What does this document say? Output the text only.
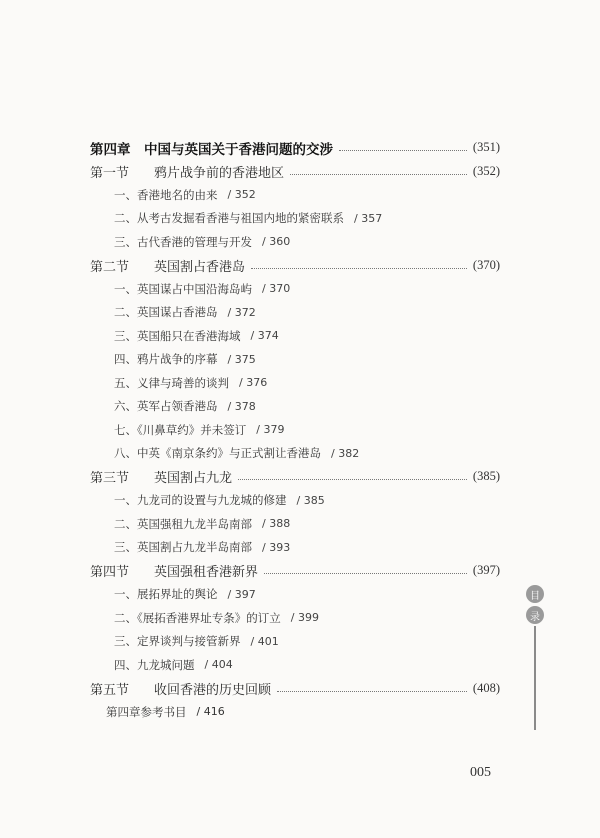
第四章　中国与英国关于香港问题的交涉	(351)
第一节	鸦片战争前的香港地区	(352)
一、香港地名的由来 / 352
二、从考古发掘看香港与祖国内地的紧密联系 / 357
三、古代香港的管理与开发 / 360
第二节	英国割占香港岛	(370)
一、英国谋占中国沿海岛屿 / 370
二、英国谋占香港岛 / 372
三、英国船只在香港海域 / 374
四、鸦片战争的序幕 / 375
五、义律与琦善的谈判 / 376
六、英军占领香港岛 / 378
七、《川鼻草约》并未签订 / 379
八、中英《南京条约》与正式割让香港岛 / 382
第三节	英国割占九龙	(385)
一、九龙司的设置与九龙城的修建 / 385
二、英国强租九龙半岛南部 / 388
三、英国割占九龙半岛南部 / 393
第四节	英国强租香港新界	(397)
一、展拓界址的舆论 / 397
二、《展拓香港界址专条》的订立 / 399
三、定界谈判与接管新界 / 401
四、九龙城问题 / 404
第五节	收回香港的历史回顾	(408)
第四章参考书目 / 416
目
录
005
